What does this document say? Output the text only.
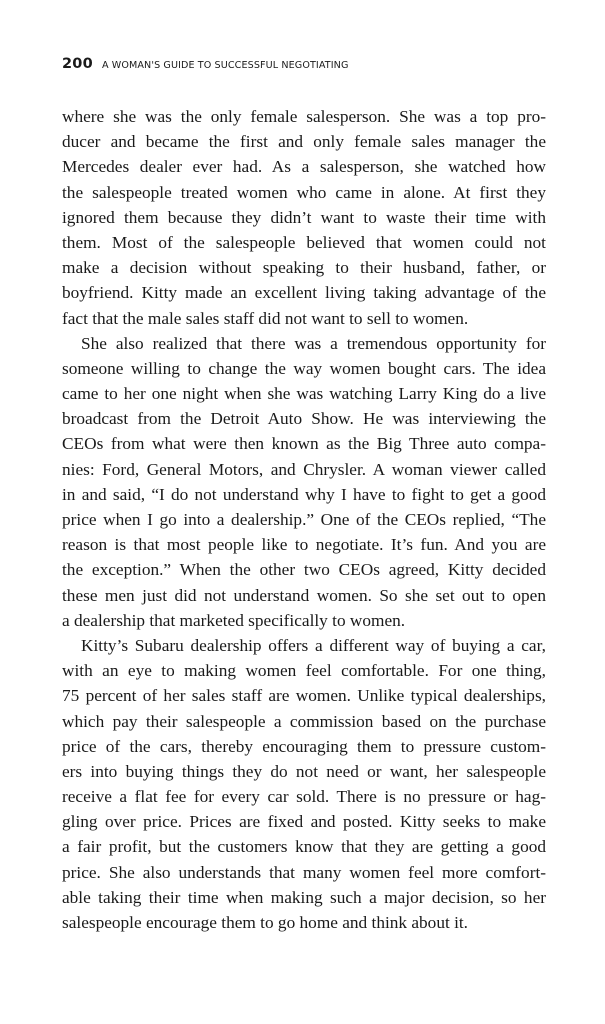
200 A WOMAN'S GUIDE TO SUCCESSFUL NEGOTIATING
where she was the only female salesperson. She was a top pro-
ducer and became the first and only female sales manager the
Mercedes dealer ever had. As a salesperson, she watched how
the salespeople treated women who came in alone. At first they
ignored them because they didn’t want to waste their time with
them. Most of the salespeople believed that women could not
make a decision without speaking to their husband, father, or
boyfriend. Kitty made an excellent living taking advantage of the
fact that the male sales staff did not want to sell to women.
She also realized that there was a tremendous opportunity for
someone willing to change the way women bought cars. The idea
came to her one night when she was watching Larry King do a live
broadcast from the Detroit Auto Show. He was interviewing the
CEOs from what were then known as the Big Three auto compa-
nies: Ford, General Motors, and Chrysler. A woman viewer called
in and said, “I do not understand why I have to fight to get a good
price when I go into a dealership.” One of the CEOs replied, “The
reason is that most people like to negotiate. It’s fun. And you are
the exception.” When the other two CEOs agreed, Kitty decided
these men just did not understand women. So she set out to open
a dealership that marketed specifically to women.
Kitty’s Subaru dealership offers a different way of buying a car,
with an eye to making women feel comfortable. For one thing,
75 percent of her sales staff are women. Unlike typical dealerships,
which pay their salespeople a commission based on the purchase
price of the cars, thereby encouraging them to pressure custom-
ers into buying things they do not need or want, her salespeople
receive a flat fee for every car sold. There is no pressure or hag-
gling over price. Prices are fixed and posted. Kitty seeks to make
a fair profit, but the customers know that they are getting a good
price. She also understands that many women feel more comfort-
able taking their time when making such a major decision, so her
salespeople encourage them to go home and think about it.
